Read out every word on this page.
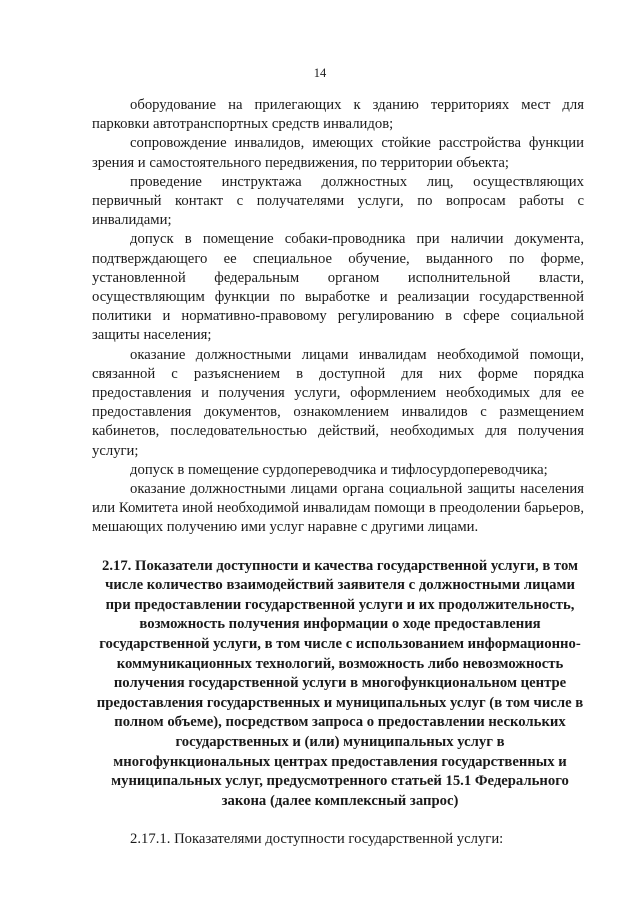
14

оборудование на прилегающих к зданию территориях мест для парковки автотранспортных средств инвалидов;

сопровождение инвалидов, имеющих стойкие расстройства функции зрения и самостоятельного передвижения, по территории объекта;

проведение инструктажа должностных лиц, осуществляющих первичный контакт с получателями услуги, по вопросам работы с инвалидами;

допуск в помещение собаки-проводника при наличии документа, подтверждающего ее специальное обучение, выданного по форме, установленной федеральным органом исполнительной власти, осуществляющим функции по выработке и реализации государственной политики и нормативно-правовому регулированию в сфере социальной защиты населения;

оказание должностными лицами инвалидам необходимой помощи, связанной с разъяснением в доступной для них форме порядка предоставления и получения услуги, оформлением необходимых для ее предоставления документов, ознакомлением инвалидов с размещением кабинетов, последовательностью действий, необходимых для получения услуги;

допуск в помещение сурдопереводчика и тифлосурдопереводчика;

оказание должностными лицами органа социальной защиты населения или Комитета иной необходимой инвалидам помощи в преодолении барьеров, мешающих получению ими услуг наравне с другими лицами.

2.17. Показатели доступности и качества государственной услуги, в том числе количество взаимодействий заявителя с должностными лицами при предоставлении государственной услуги и их продолжительность, возможность получения информации о ходе предоставления государственной услуги, в том числе с использованием информационно-коммуникационных технологий, возможность либо невозможность получения государственной услуги в многофункциональном центре предоставления государственных и муниципальных услуг (в том числе в полном объеме), посредством запроса о предоставлении нескольких государственных и (или) муниципальных услуг в многофункциональных центрах предоставления государственных и муниципальных услуг, предусмотренного статьей 15.1 Федерального закона (далее комплексный запрос)

2.17.1. Показателями доступности государственной услуги:
